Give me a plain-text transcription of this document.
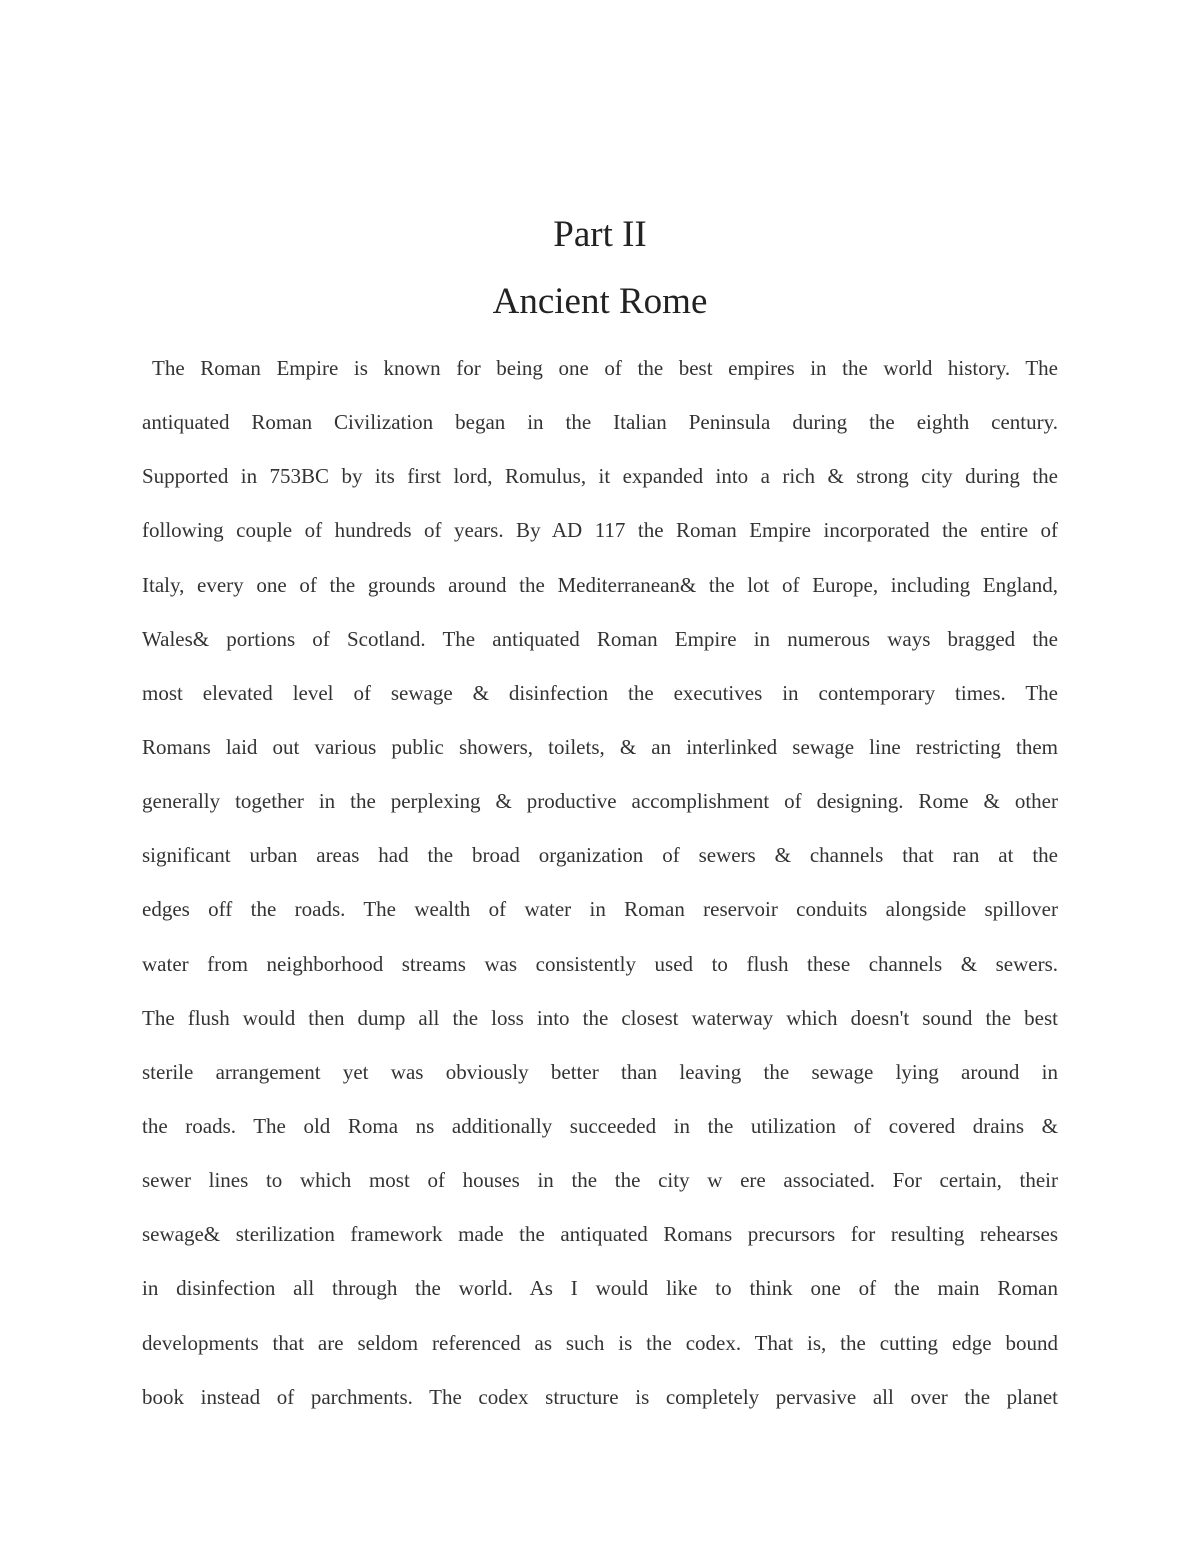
Part II
Ancient Rome
The Roman Empire is known for being one of the best empires in the world history. The
antiquated Roman Civilization began in the Italian Peninsula during the eighth century.
Supported in 753BC by its first lord, Romulus, it expanded into a rich & strong city during the
following couple of hundreds of years. By AD 117 the Roman Empire incorporated the entire of
Italy, every one of the grounds around the Mediterranean& the lot of Europe, including England,
Wales& portions of Scotland. The antiquated Roman Empire in numerous ways bragged the
most elevated level of sewage & disinfection the executives in contemporary times. The
Romans laid out various public showers, toilets, & an interlinked sewage line restricting them
generally together in the perplexing & productive accomplishment of designing. Rome & other
significant urban areas had the broad organization of sewers & channels that ran at the
edges off the roads. The wealth of water in Roman reservoir conduits alongside spillover
water from neighborhood streams was consistently used to flush these channels & sewers.
The flush would then dump all the loss into the closest waterway which doesn't sound the best
sterile arrangement yet was obviously better than leaving the sewage lying around in
the roads. The old Roma ns additionally succeeded in the utilization of covered drains &
sewer lines to which most of houses in the the city w ere associated. For certain, their
sewage& sterilization framework made the antiquated Romans precursors for resulting rehearses
in disinfection all through the world. As I would like to think one of the main Roman
developments that are seldom referenced as such is the codex. That is, the cutting edge bound
book instead of parchments. The codex structure is completely pervasive all over the planet
